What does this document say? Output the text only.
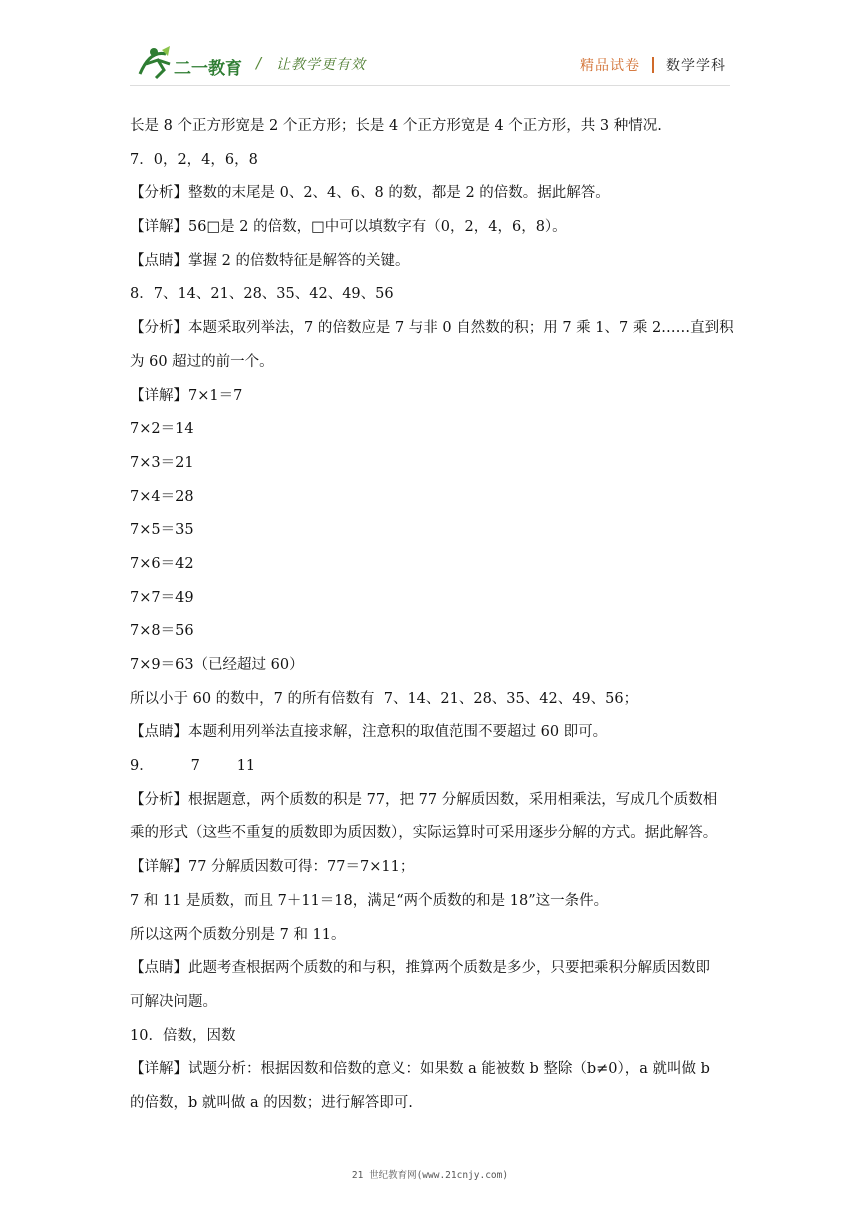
二一教育 / 让教学更有效	精品试卷 数学学科
长是 8 个正方形宽是 2 个正方形；长是 4 个正方形宽是 4 个正方形，共 3 种情况.
7．0，2，4，6，8
【分析】整数的末尾是 0、2、4、6、8 的数，都是 2 的倍数。据此解答。
【详解】56□是 2 的倍数，□中可以填数字有（0，2，4，6，8）。
【点睛】掌握 2 的倍数特征是解答的关键。
8．7、14、21、28、35、42、49、56
【分析】本题采取列举法，7 的倍数应是 7 与非 0 自然数的积；用 7 乘 1、7 乘 2……直到积
为 60 超过的前一个。
【详解】7×1＝7
7×2＝14
7×3＝21
7×4＝28
7×5＝35
7×6＝42
7×7＝49
7×8＝56
7×9＝63（已经超过 60）
所以小于 60 的数中，7 的所有倍数有  7、14、21、28、35、42、49、56；
【点睛】本题利用列举法直接求解，注意积的取值范围不要超过 60 即可。
9．        7        11
【分析】根据题意，两个质数的积是 77，把 77 分解质因数，采用相乘法，写成几个质数相
乘的形式（这些不重复的质数即为质因数），实际运算时可采用逐步分解的方式。据此解答。
【详解】77 分解质因数可得：77＝7×11；
7 和 11 是质数，而且 7＋11＝18，满足“两个质数的和是 18”这一条件。
所以这两个质数分别是 7 和 11。
【点睛】此题考查根据两个质数的和与积，推算两个质数是多少，只要把乘积分解质因数即
可解决问题。
10．倍数，因数
【详解】试题分析：根据因数和倍数的意义：如果数 a 能被数 b 整除（b≠0），a 就叫做 b
的倍数，b 就叫做 a 的因数；进行解答即可.
21 世纪教育网(www.21cnjy.com)
